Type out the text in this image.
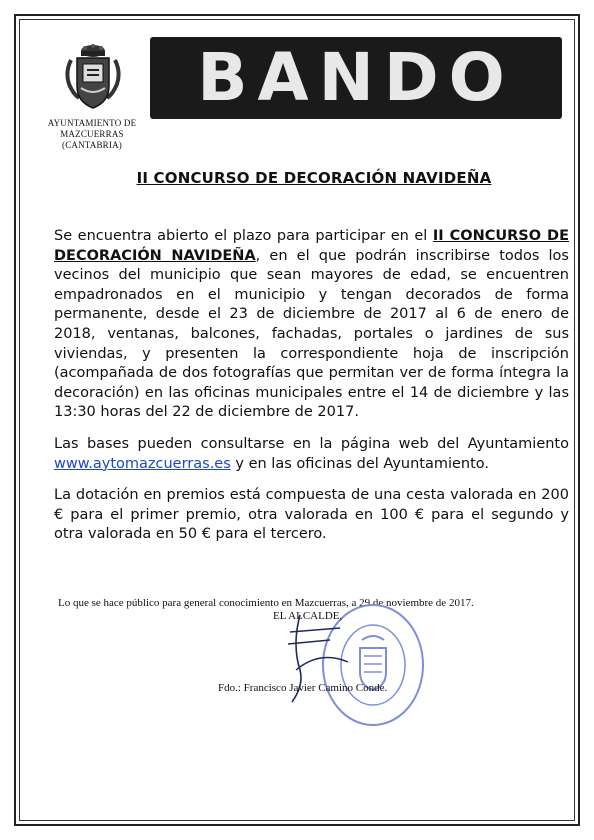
AYUNTAMIENTO DE
MAZCUERRAS
(CANTABRIA)
BANDO
II CONCURSO DE DECORACIÓN NAVIDEÑA

Se encuentra abierto el plazo para participar en el II CONCURSO DE DECORACIÓN NAVIDEÑA, en el que podrán inscribirse todos los vecinos del municipio que sean mayores de edad, se encuentren empadronados en el municipio y tengan decorados de forma permanente, desde el 23 de diciembre de 2017 al 6 de enero de 2018, ventanas, balcones, fachadas, portales o jardines de sus viviendas, y presenten la correspondiente hoja de inscripción (acompañada de dos fotografías que permitan ver de forma íntegra la decoración) en las oficinas municipales entre el 14 de diciembre y las 13:30 horas del 22 de diciembre de 2017.

Las bases pueden consultarse en la página web del Ayuntamiento www.aytomazcuerras.es y en las oficinas del Ayuntamiento.

La dotación en premios está compuesta de una cesta valorada en 200 € para el primer premio, otra valorada en 100 € para el segundo y otra valorada en 50 € para el tercero.

Lo que se hace público para general conocimiento en Mazcuerras, a 29 de noviembre de 2017.
EL ALCALDE,
Fdo.: Francisco Javier Camino Conde.
